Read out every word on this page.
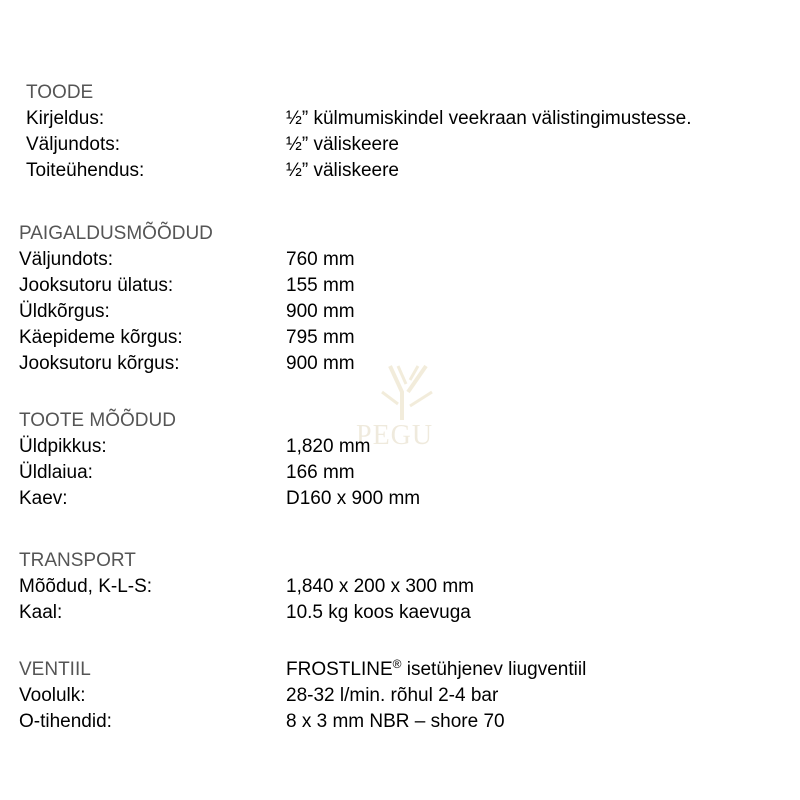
PEGU
TOODE
Kirjeldus:	½” külmumiskindel veekraan välistingimustesse.
Väljundots:	½” väliskeere
Toiteühendus:	½” väliskeere
PAIGALDUSMÕÕDUD
Väljundots:	760 mm
Jooksutoru ülatus:	155 mm
Üldkõrgus:	900 mm
Käepideme kõrgus:	795 mm
Jooksutoru kõrgus:	900 mm
TOOTE MÕÕDUD
Üldpikkus:	1,820 mm
Üldlaiua:	166 mm
Kaev:	D160 x 900 mm
TRANSPORT
Mõõdud, K-L-S:	1,840 x 200 x 300 mm
Kaal:	10.5 kg koos kaevuga
VENTIIL	FROSTLINE® isetühjenev liugventiil
Voolulk:	28-32 l/min. rõhul 2-4 bar
O-tihendid:	8 x 3 mm NBR – shore 70
